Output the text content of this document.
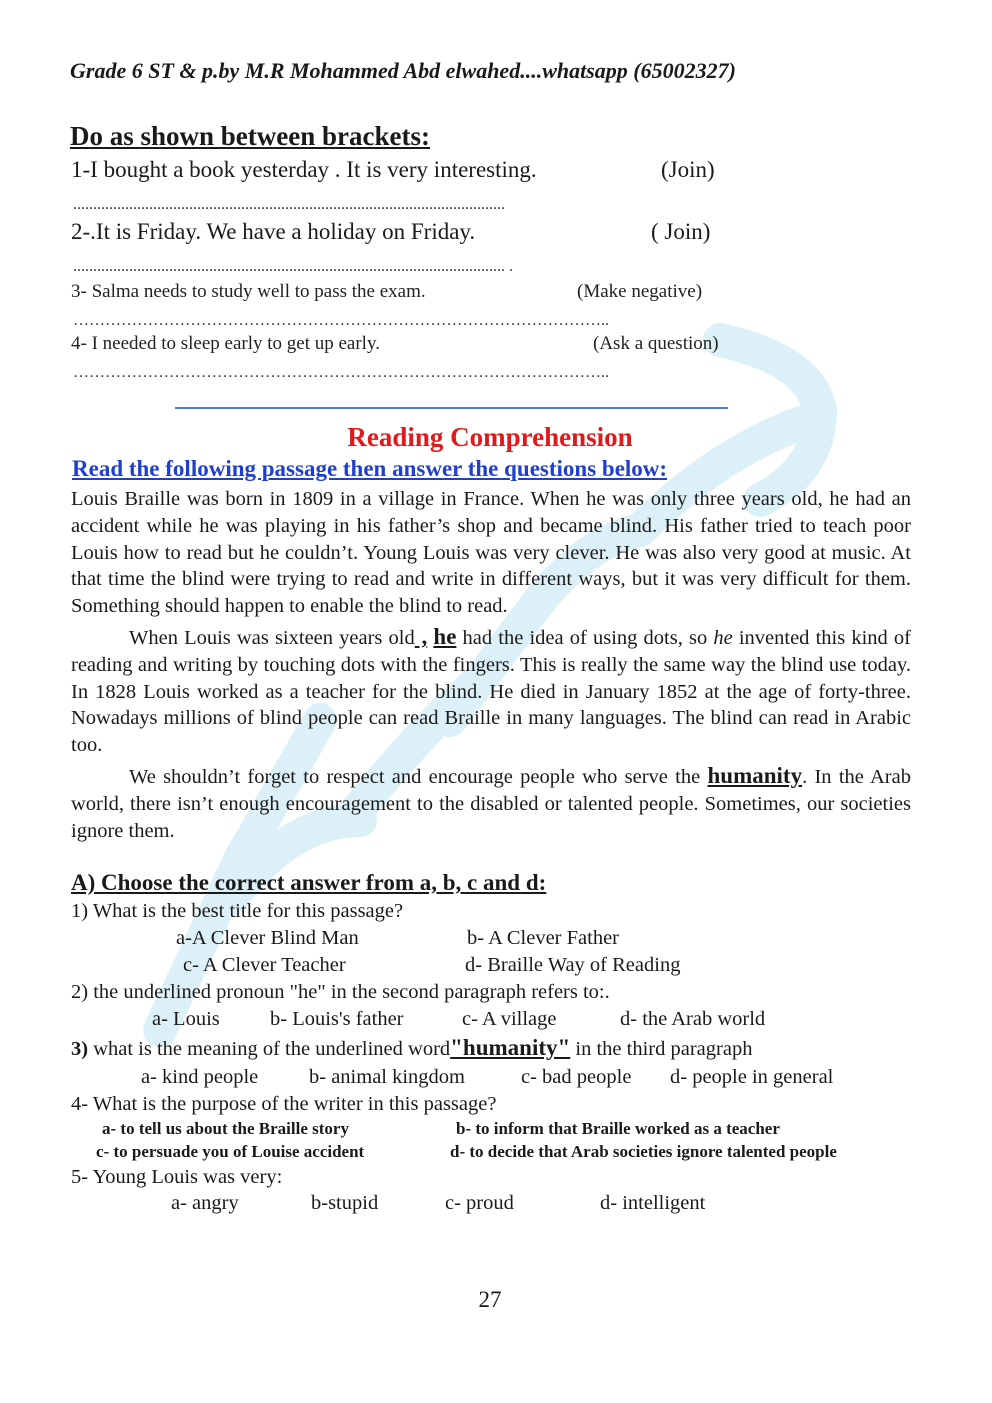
Grade 6 ST & p.by M.R Mohammed Abd elwahed....whatsapp (65002327)
Do as shown between brackets:
1-I bought a book yesterday . It is very interesting.	(Join)
............................................................................................................
2-.It is Friday. We have a holiday on Friday.	( Join)
............................................................................................................ .
3- Salma needs to study well to pass the exam.	(Make negative)
………………………………………………………………………………………..
4- I needed to sleep early to get up early.	(Ask a question)
………………………………………………………………………………………..
Reading Comprehension
Read the following passage then answer the questions below:

Louis Braille was born in 1809 in a village in France. When he was only three years old, he had an accident while he was playing in his father’s shop and became blind. His father tried to teach poor Louis how to read but he couldn’t. Young Louis was very clever. He was also very good at music. At that time the blind were trying to read and write in different ways, but it was very difficult for them. Something should happen to enable the blind to read.

When Louis was sixteen years old , he had the idea of using dots, so he invented this kind of reading and writing by touching dots with the fingers. This is really the same way the blind use today. In 1828 Louis worked as a teacher for the blind. He died in January 1852 at the age of forty-three. Nowadays millions of blind people can read Braille in many languages. The blind can read in Arabic too.

We shouldn’t forget to respect and encourage people who serve the humanity. In the Arab world, there isn’t enough encouragement to the disabled or talented people. Sometimes, our societies ignore them.

A) Choose the correct answer from a, b, c and d:
1) What is the best title for this passage?
a-A Clever Blind Man	b- A Clever Father
c- A Clever Teacher	d- Braille Way of Reading
2) the underlined pronoun "he" in the second paragraph refers to:.
a- Louis b- Louis's father	c- A village	d- the Arab world
3) what is the meaning of the underlined word"humanity" in the third paragraph
a- kind people b- animal kingdom	c- bad people d- people in general
4- What is the purpose of the writer in this passage?
a- to tell us about the Braille story	b- to inform that Braille worked as a teacher
c- to persuade you of Louise accident	d- to decide that Arab societies ignore talented people
5- Young Louis was very:
a- angry	b-stupid	c- proud	d- intelligent
27
